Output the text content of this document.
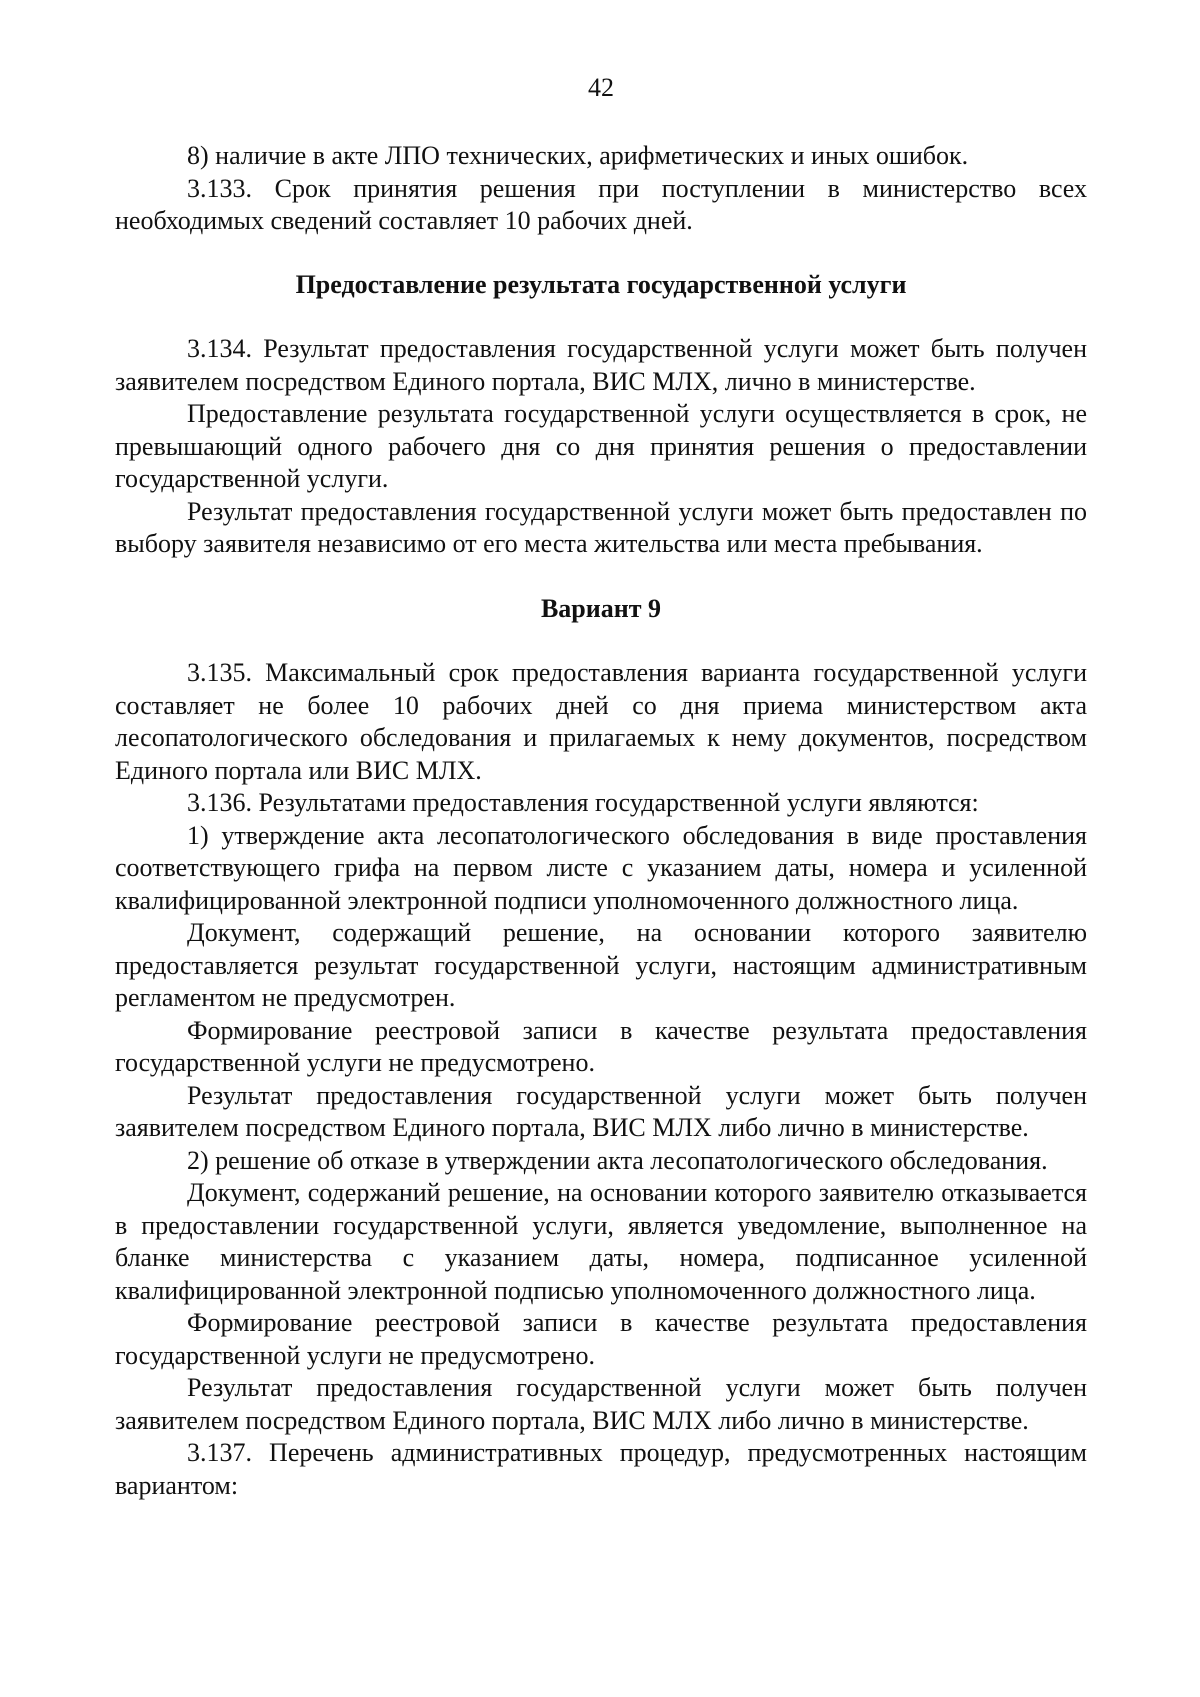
42

8) наличие в акте ЛПО технических, арифметических и иных ошибок.

3.133. Срок принятия решения при поступлении в министерство всех необходимых сведений составляет 10 рабочих дней.

Предоставление результата государственной услуги

3.134. Результат предоставления государственной услуги может быть получен заявителем посредством Единого портала, ВИС МЛХ, лично в министерстве.

Предоставление результата государственной услуги осуществляется в срок, не превышающий одного рабочего дня со дня принятия решения о предоставлении государственной услуги.

Результат предоставления государственной услуги может быть предоставлен по выбору заявителя независимо от его места жительства или места пребывания.

Вариант 9

3.135. Максимальный срок предоставления варианта государственной услуги составляет не более 10 рабочих дней со дня приема министерством акта лесопатологического обследования и прилагаемых к нему документов, посредством Единого портала или ВИС МЛХ.

3.136. Результатами предоставления государственной услуги являются:

1) утверждение акта лесопатологического обследования в виде проставления соответствующего грифа на первом листе с указанием даты, номера и усиленной квалифицированной электронной подписи уполномоченного должностного лица.

Документ, содержащий решение, на основании которого заявителю предоставляется результат государственной услуги, настоящим административным регламентом не предусмотрен.

Формирование реестровой записи в качестве результата предоставления государственной услуги не предусмотрено.

Результат предоставления государственной услуги может быть получен заявителем посредством Единого портала, ВИС МЛХ либо лично в министерстве.

2) решение об отказе в утверждении акта лесопатологического обследования.

Документ, содержаний решение, на основании которого заявителю отказывается в предоставлении государственной услуги, является уведомление, выполненное на бланке министерства с указанием даты, номера, подписанное усиленной квалифицированной электронной подписью уполномоченного должностного лица.

Формирование реестровой записи в качестве результата предоставления государственной услуги не предусмотрено.

Результат предоставления государственной услуги может быть получен заявителем посредством Единого портала, ВИС МЛХ либо лично в министерстве.

3.137. Перечень административных процедур, предусмотренных настоящим вариантом:
